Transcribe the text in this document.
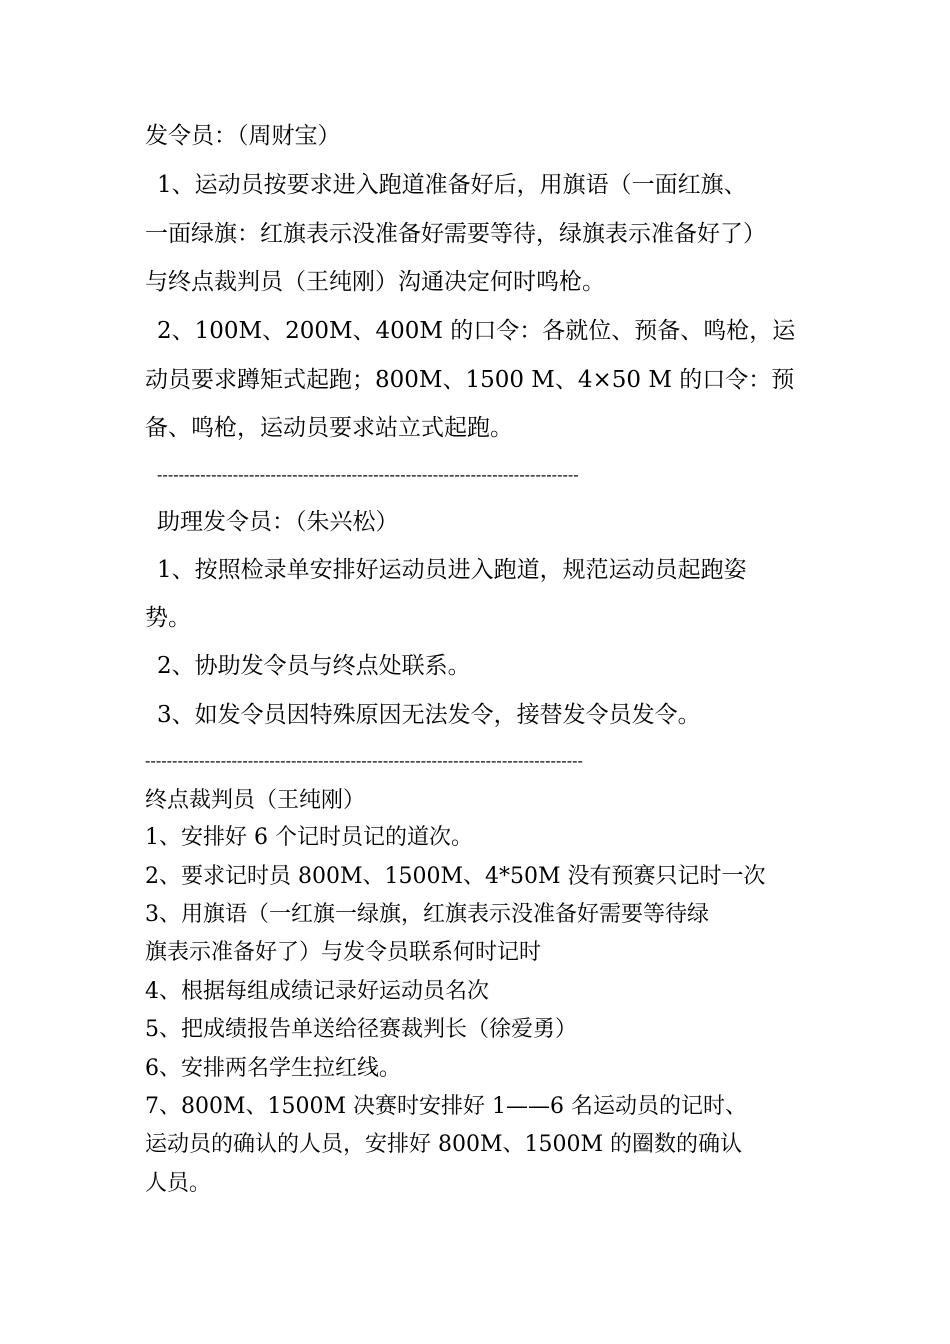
发令员：（周财宝）
1、运动员按要求进入跑道准备好后，用旗语（一面红旗、
一面绿旗：红旗表示没准备好需要等待，绿旗表示准备好了）
与终点裁判员（王纯刚）沟通决定何时鸣枪。
2、100M、200M、400M 的口令：各就位、预备、鸣枪，运
动员要求蹲矩式起跑；800M、1500 M、4×50 M 的口令：预
备、鸣枪，运动员要求站立式起跑。
------------------------------------------------------------------------------
助理发令员：（朱兴松）
1、按照检录单安排好运动员进入跑道，规范运动员起跑姿
势。
2、协助发令员与终点处联系。
3、如发令员因特殊原因无法发令，接替发令员发令。
---------------------------------------------------------------------------------
终点裁判员（王纯刚）
1、安排好 6 个记时员记的道次。
2、要求记时员 800M、1500M、4*50M 没有预赛只记时一次
3、用旗语（一红旗一绿旗，红旗表示没准备好需要等待绿
旗表示准备好了）与发令员联系何时记时
4、根据每组成绩记录好运动员名次
5、把成绩报告单送给径赛裁判长（徐爱勇）
6、安排两名学生拉红线。
7、800M、1500M 决赛时安排好 1——6 名运动员的记时、
运动员的确认的人员，安排好 800M、1500M 的圈数的确认
人员。
